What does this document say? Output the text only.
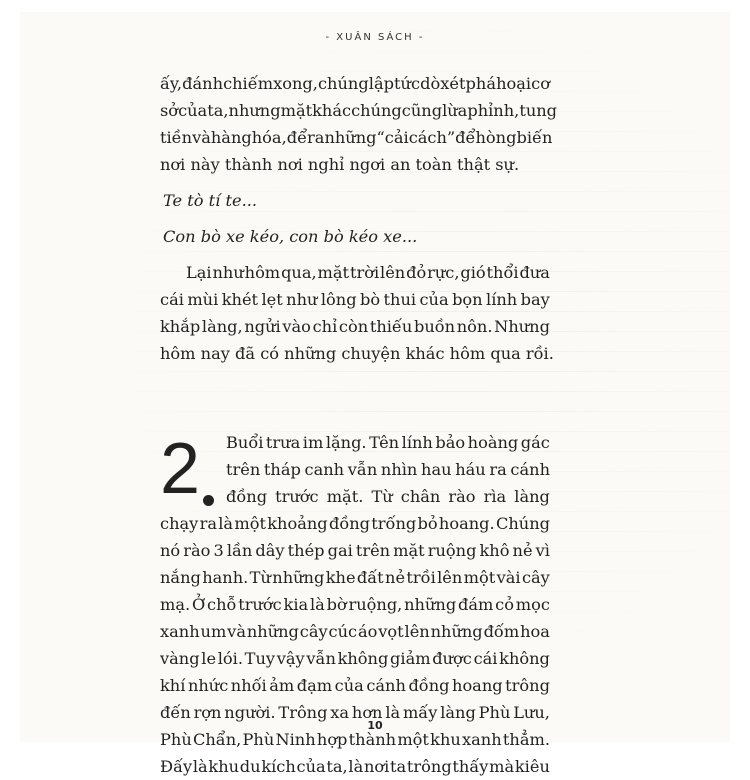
- XUÂN SÁCH -
ấy, đánh chiếm xong, chúng lập tức dò xét phá hoại cơ
sở của ta, nhưng mặt khác chúng cũng lừa phỉnh, tung
tiền và hàng hóa, để ra những “cải cách” để hòng biến
nơi này thành nơi nghỉ ngơi an toàn thật sự.
Te tò tí te...
Con bò xe kéo, con bò kéo xe...
Lại như hôm qua, mặt trời lên đỏ rực, gió thổi đưa
cái mùi khét lẹt như lông bò thui của bọn lính bay
khắp làng, ngửi vào chỉ còn thiếu buồn nôn. Nhưng
hôm nay đã có những chuyện khác hôm qua rồi.
2 Buổi trưa im lặng. Tên lính bảo hoàng gác
trên tháp canh vẫn nhìn hau háu ra cánh
đồng trước mặt. Từ chân rào rìa làng
chạy ra là một khoảng đồng trống bỏ hoang. Chúng
nó rào 3 lần dây thép gai trên mặt ruộng khô nẻ vì
nắng hanh. Từ những khe đất nẻ trồi lên một vài cây
mạ. Ở chỗ trước kia là bờ ruộng, những đám cỏ mọc
xanh um và những cây cúc áo vọt lên những đốm hoa
vàng le lói. Tuy vậy vẫn không giảm được cái không
khí nhức nhối ảm đạm của cánh đồng hoang trông
đến rợn người. Trông xa hơn là mấy làng Phù Lưu,
Phù Chẩn, Phù Ninh hợp thành một khu xanh thẳm.
Đấy là khu du kích của ta, là nơi ta trông thấy mà kiêu
10
